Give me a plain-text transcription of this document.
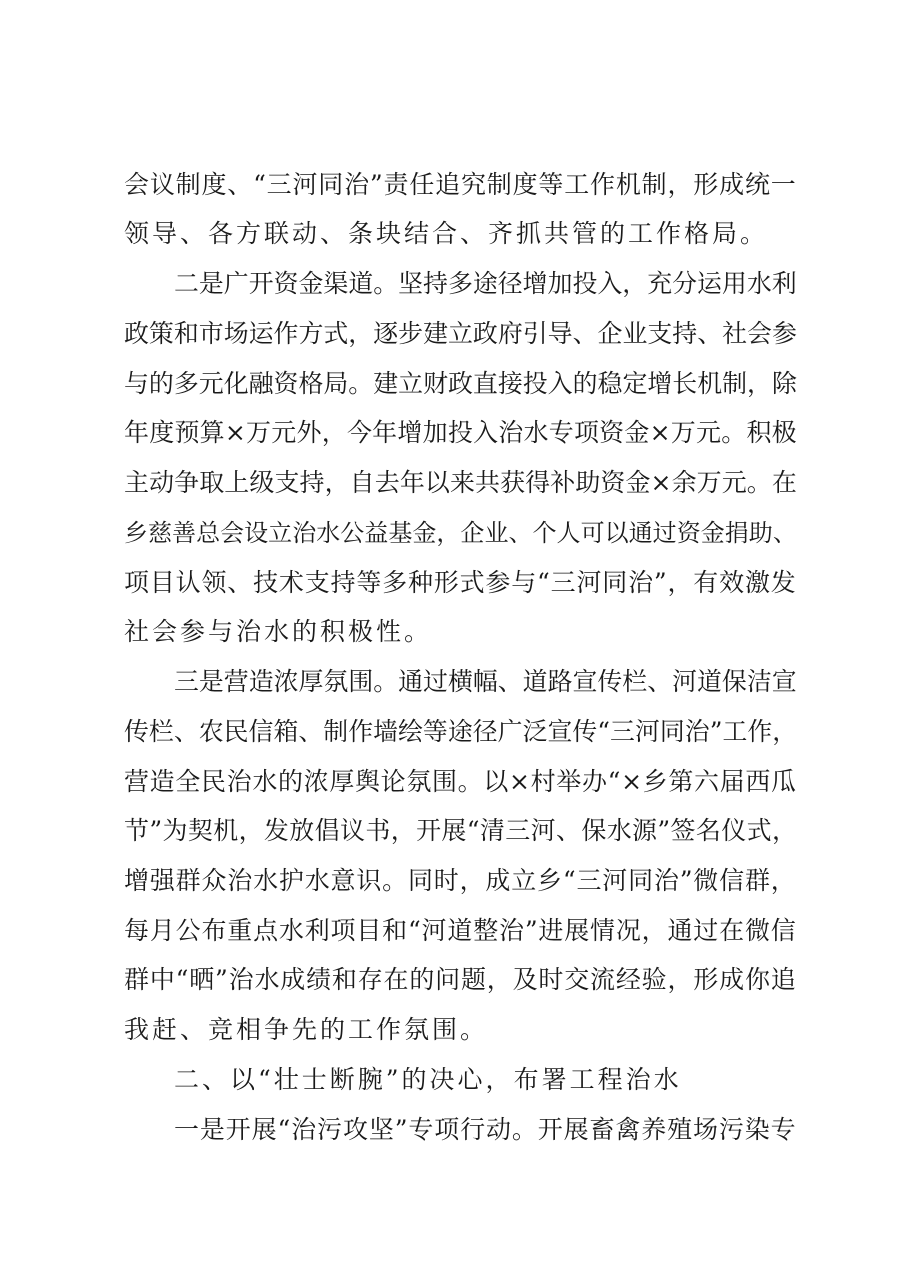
会议制度、“三河同治”责任追究制度等工作机制，形成统一
领导、各方联动、条块结合、齐抓共管的工作格局。
二是广开资金渠道。坚持多途径增加投入，充分运用水利
政策和市场运作方式，逐步建立政府引导、企业支持、社会参
与的多元化融资格局。建立财政直接投入的稳定增长机制，除
年度预算×万元外，今年增加投入治水专项资金×万元。积极
主动争取上级支持，自去年以来共获得补助资金×余万元。在
乡慈善总会设立治水公益基金，企业、个人可以通过资金捐助、
项目认领、技术支持等多种形式参与“三河同治”，有效激发
社会参与治水的积极性。
三是营造浓厚氛围。通过横幅、道路宣传栏、河道保洁宣
传栏、农民信箱、制作墙绘等途径广泛宣传“三河同治”工作，
营造全民治水的浓厚舆论氛围。以×村举办“×乡第六届西瓜
节”为契机，发放倡议书，开展“清三河、保水源”签名仪式，
增强群众治水护水意识。同时，成立乡“三河同治”微信群，
每月公布重点水利项目和“河道整治”进展情况，通过在微信
群中“晒”治水成绩和存在的问题，及时交流经验，形成你追
我赶、竞相争先的工作氛围。
二、以“壮士断腕”的决心，布署工程治水
一是开展“治污攻坚”专项行动。开展畜禽养殖场污染专
